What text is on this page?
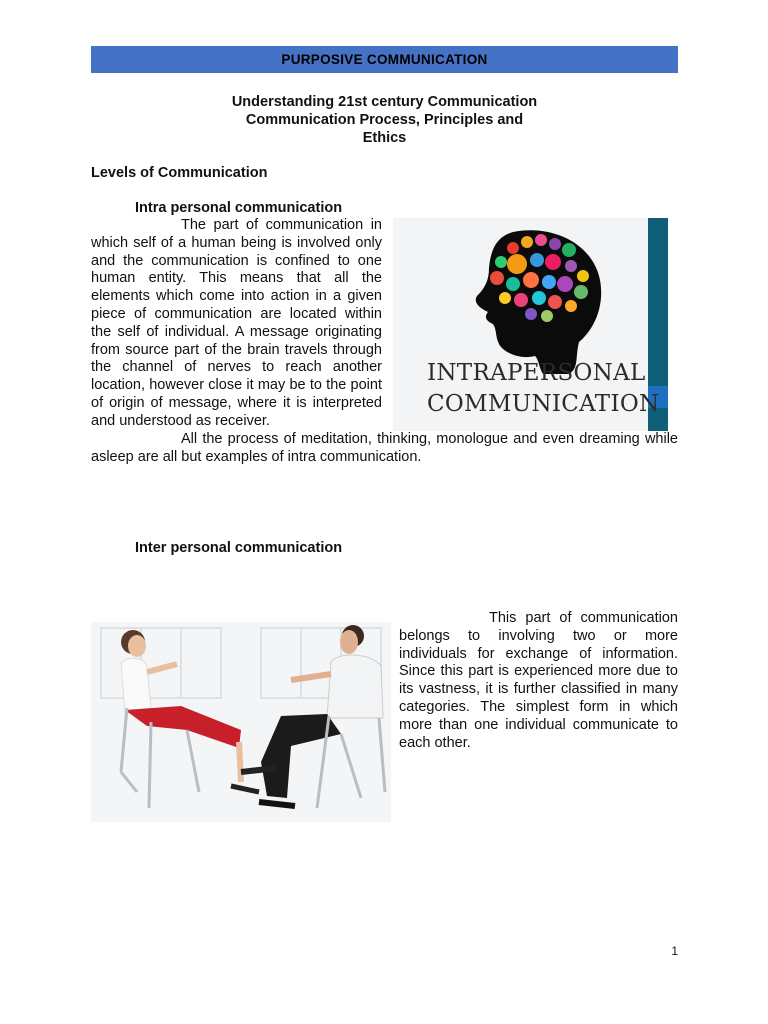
PURPOSIVE COMMUNICATION
Understanding 21st century Communication
Communication Process, Principles and
Ethics
Levels of Communication
Intra personal communication
The part of communication in which self of a human being is involved only and the communication is confined to one human entity. This means that all the elements which come into action in a given piece of communication are located within the self of individual. A message originating from source part of the brain travels through the channel of nerves to reach another location, however close it may be to the point of origin of message, where it is interpreted and understood as receiver.
INTRAPERSONAL
COMMUNICATION
All the process of meditation, thinking, monologue and even dreaming while asleep are all but examples of intra communication.
Inter personal communication
This part of communication belongs to involving two or more individuals for exchange of information. Since this part is experienced more due to its vastness, it is further classified in many categories. The simplest form in which more than one individual communicate to each other.
1
